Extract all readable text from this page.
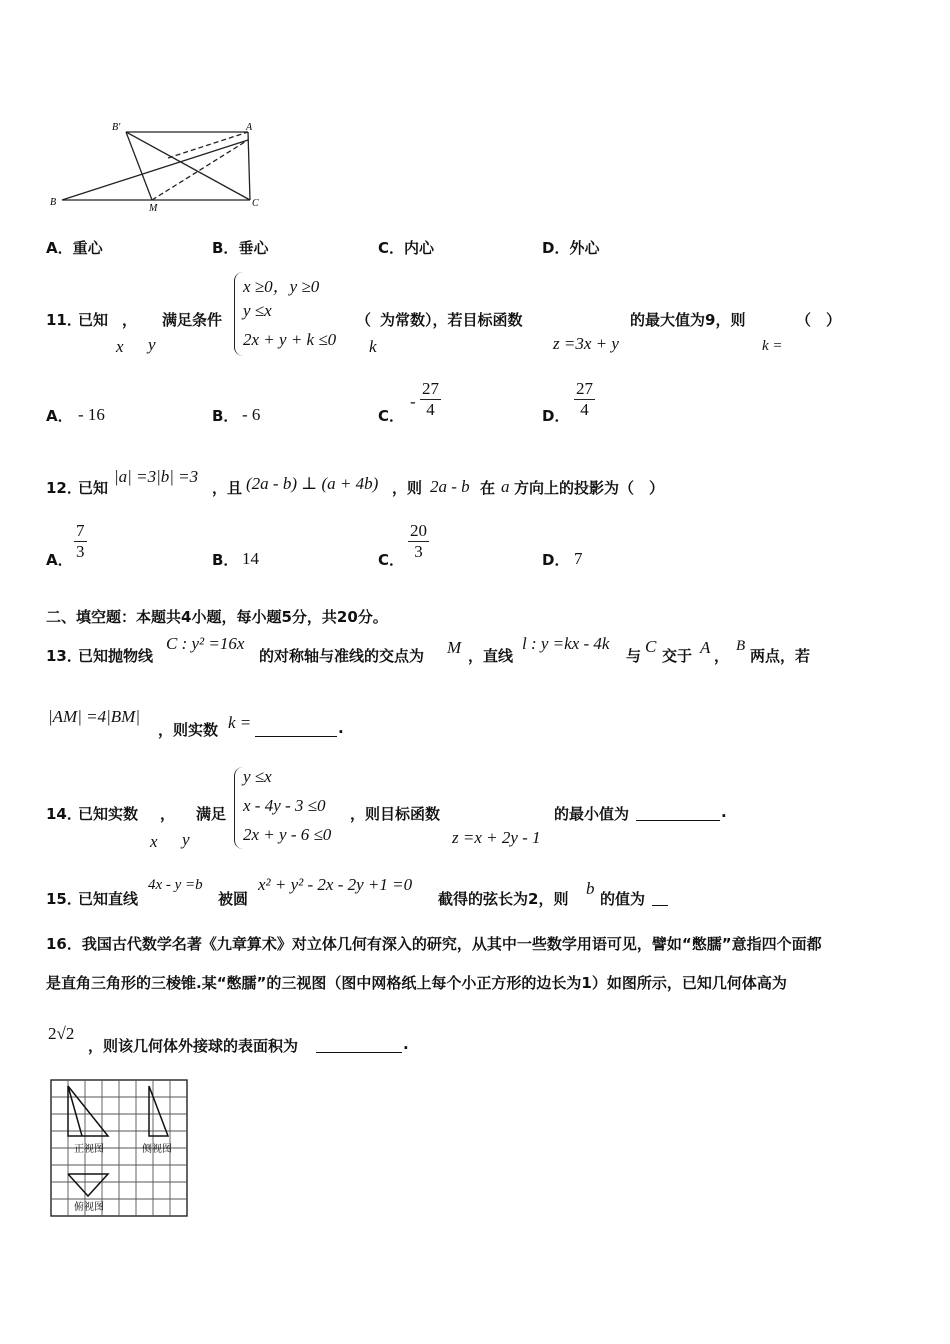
B'	A
B
M	C
A．重心	B．垂心	C．内心	D．外心
11．
已知 ， 满足条件
x y
x ≥0，y ≥0
y ≤x
2x + y + k ≤0
（
k
为常数），若目标函数
z =3x + y
的最大值为9，则	（　）
k =
A． - 16	B． - 6	C．
- $\frac{27}{4}$	D． $\frac{27}{4}$
12．
已知
|a| =3|b| =3
，且 (2a - b) ⊥ (a + 4b) ，则 2a - b 在 a 方向上的投影为（　）
A． $\frac{7}{3}$	B． 14	C． $\frac{20}{3}$	D． 7
二、填空题：本题共4小题，每小题5分，共20分。
13．
已知抛物线
C : y² =16x
的对称轴与准线的交点为 M ，直线
l : y =kx - 4k
与 C 交于 A ，
B
两点，若
|AM| =4|BM|
，则实数 k =	.
14．
已知实数 ， 满足
x y
y ≤x
x - 4y - 3 ≤0
2x + y - 6 ≤0
，则目标函数
z =x + 2y - 1
的最小值为	.
15．
已知直线
4x - y =b
被圆
x² + y² - 2x - 2y +1 =0
截得的弦长为2，则
b
的值为
16．我国古代数学名著《九章算术》对立体几何有深入的研究，从其中一些数学用语可见，譬如“憋臑”意指四个面都
是直角三角形的三棱锥.某“憋臑”的三视图（图中网格纸上每个小正方形的边长为1）如图所示，已知几何体高为
2√2
，则该几何体外接球的表面积为	.
正视图	侧视图
俯视图
